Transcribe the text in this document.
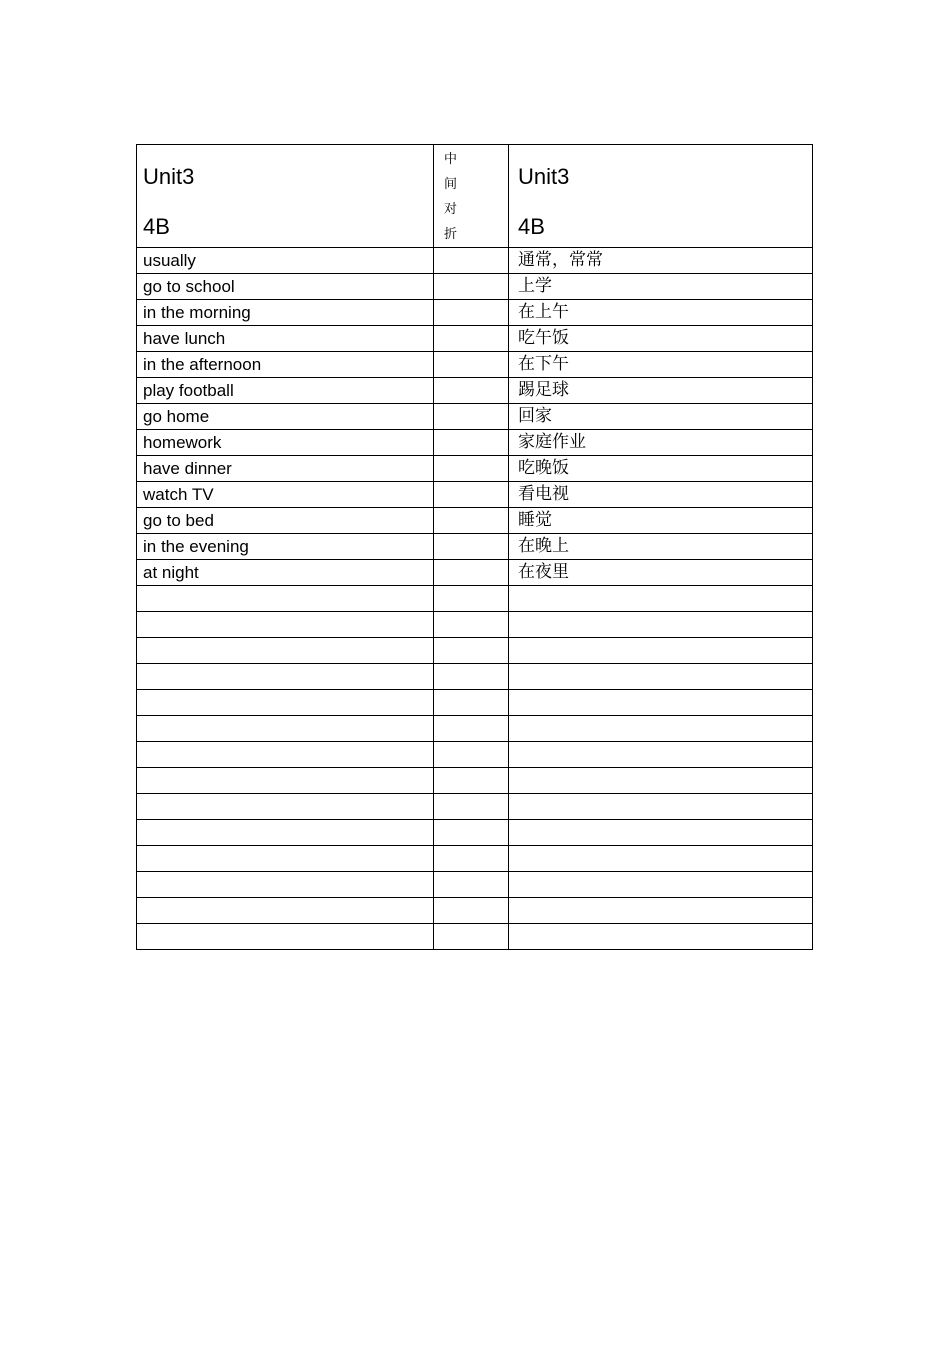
Unit3
4B	中 间 对 折	Unit3
4B

usually		通常，常常
go to school		上学
in the morning		在上午
have lunch		吃午饭
in the afternoon		在下午
play football		踢足球
go home		回家
homework		家庭作业
have dinner		吃晚饭
watch TV		看电视
go to bed		睡觉
in the evening		在晚上
at night		在夜里
